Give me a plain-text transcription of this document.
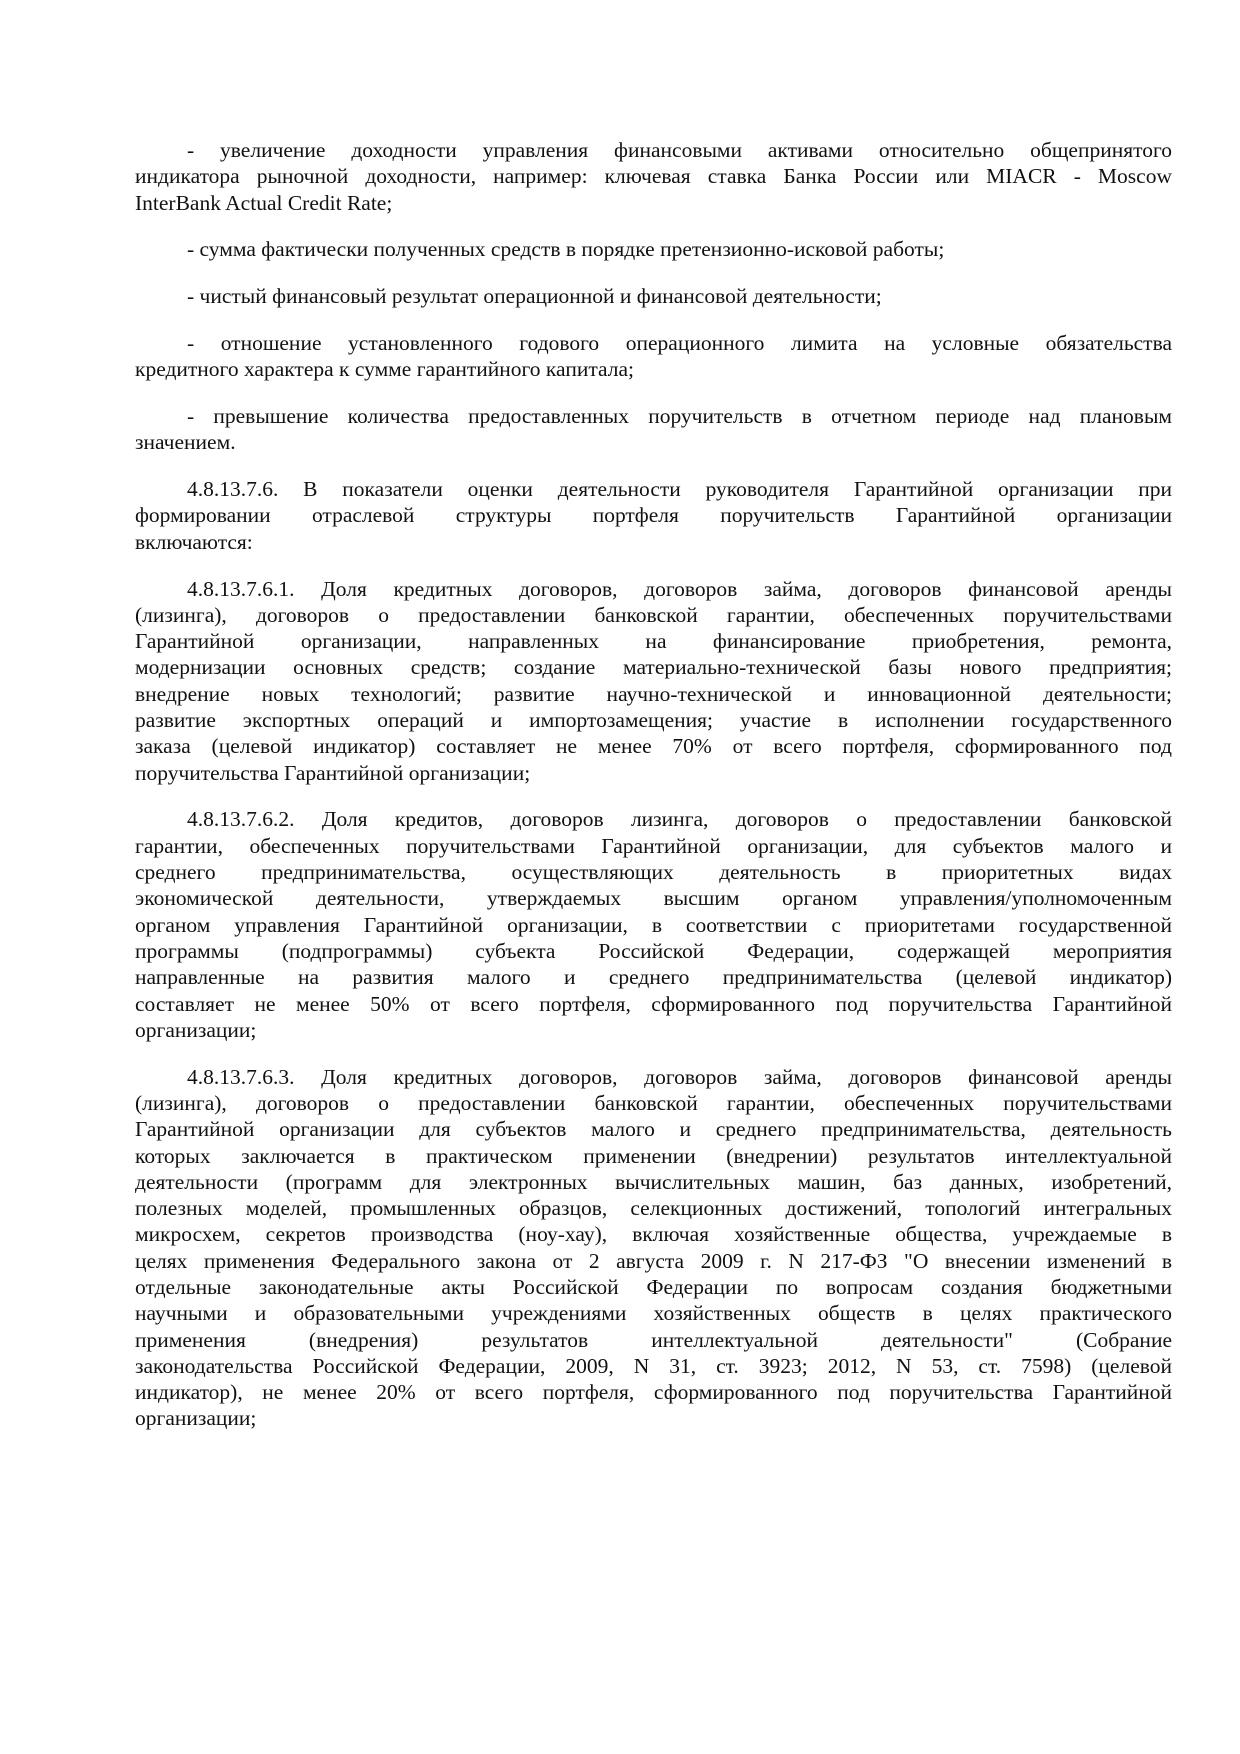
- увеличение доходности управления финансовыми активами относительно общепринятого
индикатора рыночной доходности, например: ключевая ставка Банка России или MIACR - Moscow
InterBank Actual Credit Rate;
- сумма фактически полученных средств в порядке претензионно-исковой работы;
- чистый финансовый результат операционной и финансовой деятельности;
- отношение установленного годового операционного лимита на условные обязательства
кредитного характера к сумме гарантийного капитала;
- превышение количества предоставленных поручительств в отчетном периоде над плановым
значением.
4.8.13.7.6. В показатели оценки деятельности руководителя Гарантийной организации при
формировании отраслевой структуры портфеля поручительств Гарантийной организации
включаются:
4.8.13.7.6.1. Доля кредитных договоров, договоров займа, договоров финансовой аренды
(лизинга), договоров о предоставлении банковской гарантии, обеспеченных поручительствами
Гарантийной организации, направленных на финансирование приобретения, ремонта,
модернизации основных средств; создание материально-технической базы нового предприятия;
внедрение новых технологий; развитие научно-технической и инновационной деятельности;
развитие экспортных операций и импортозамещения; участие в исполнении государственного
заказа (целевой индикатор) составляет не менее 70% от всего портфеля, сформированного под
поручительства Гарантийной организации;
4.8.13.7.6.2. Доля кредитов, договоров лизинга, договоров о предоставлении банковской
гарантии, обеспеченных поручительствами Гарантийной организации, для субъектов малого и
среднего предпринимательства, осуществляющих деятельность в приоритетных видах
экономической деятельности, утверждаемых высшим органом управления/уполномоченным
органом управления Гарантийной организации, в соответствии с приоритетами государственной
программы (подпрограммы) субъекта Российской Федерации, содержащей мероприятия
направленные на развития малого и среднего предпринимательства (целевой индикатор)
составляет не менее 50% от всего портфеля, сформированного под поручительства Гарантийной
организации;
4.8.13.7.6.3. Доля кредитных договоров, договоров займа, договоров финансовой аренды
(лизинга), договоров о предоставлении банковской гарантии, обеспеченных поручительствами
Гарантийной организации для субъектов малого и среднего предпринимательства, деятельность
которых заключается в практическом применении (внедрении) результатов интеллектуальной
деятельности (программ для электронных вычислительных машин, баз данных, изобретений,
полезных моделей, промышленных образцов, селекционных достижений, топологий интегральных
микросхем, секретов производства (ноу-хау), включая хозяйственные общества, учреждаемые в
целях применения Федерального закона от 2 августа 2009 г. N 217-ФЗ "О внесении изменений в
отдельные законодательные акты Российской Федерации по вопросам создания бюджетными
научными и образовательными учреждениями хозяйственных обществ в целях практического
применения (внедрения) результатов интеллектуальной деятельности" (Собрание
законодательства Российской Федерации, 2009, N 31, ст. 3923; 2012, N 53, ст. 7598) (целевой
индикатор), не менее 20% от всего портфеля, сформированного под поручительства Гарантийной
организации;
